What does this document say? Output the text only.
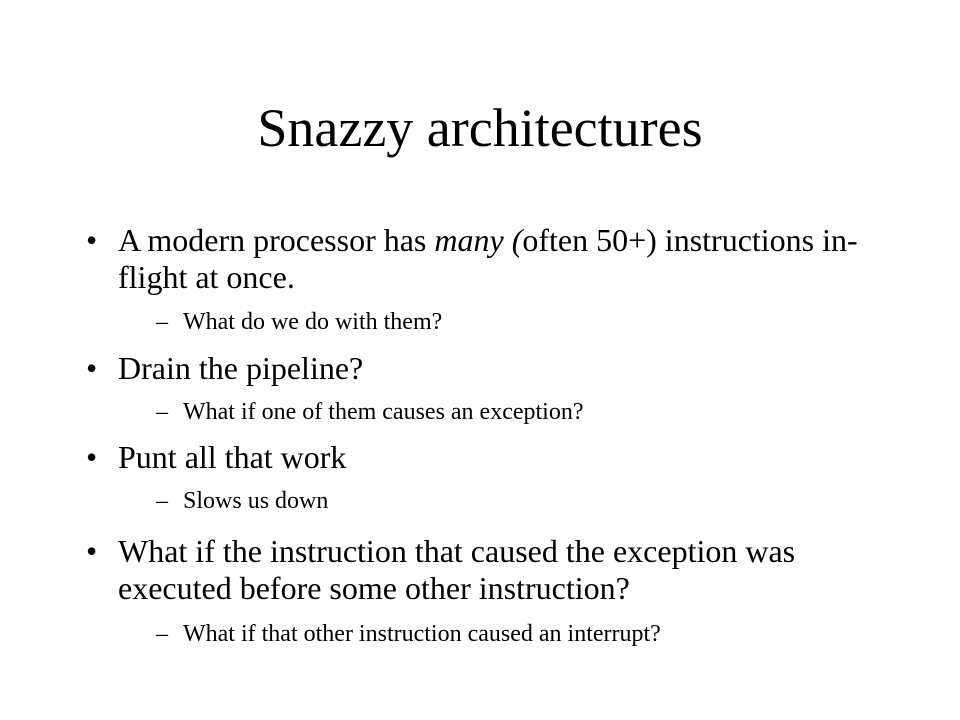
Snazzy architectures
• A modern processor has many (often 50+) instructions in-flight at once.
– What do we do with them?
• Drain the pipeline?
– What if one of them causes an exception?
• Punt all that work
– Slows us down
• What if the instruction that caused the exception was executed before some other instruction?
– What if that other instruction caused an interrupt?
